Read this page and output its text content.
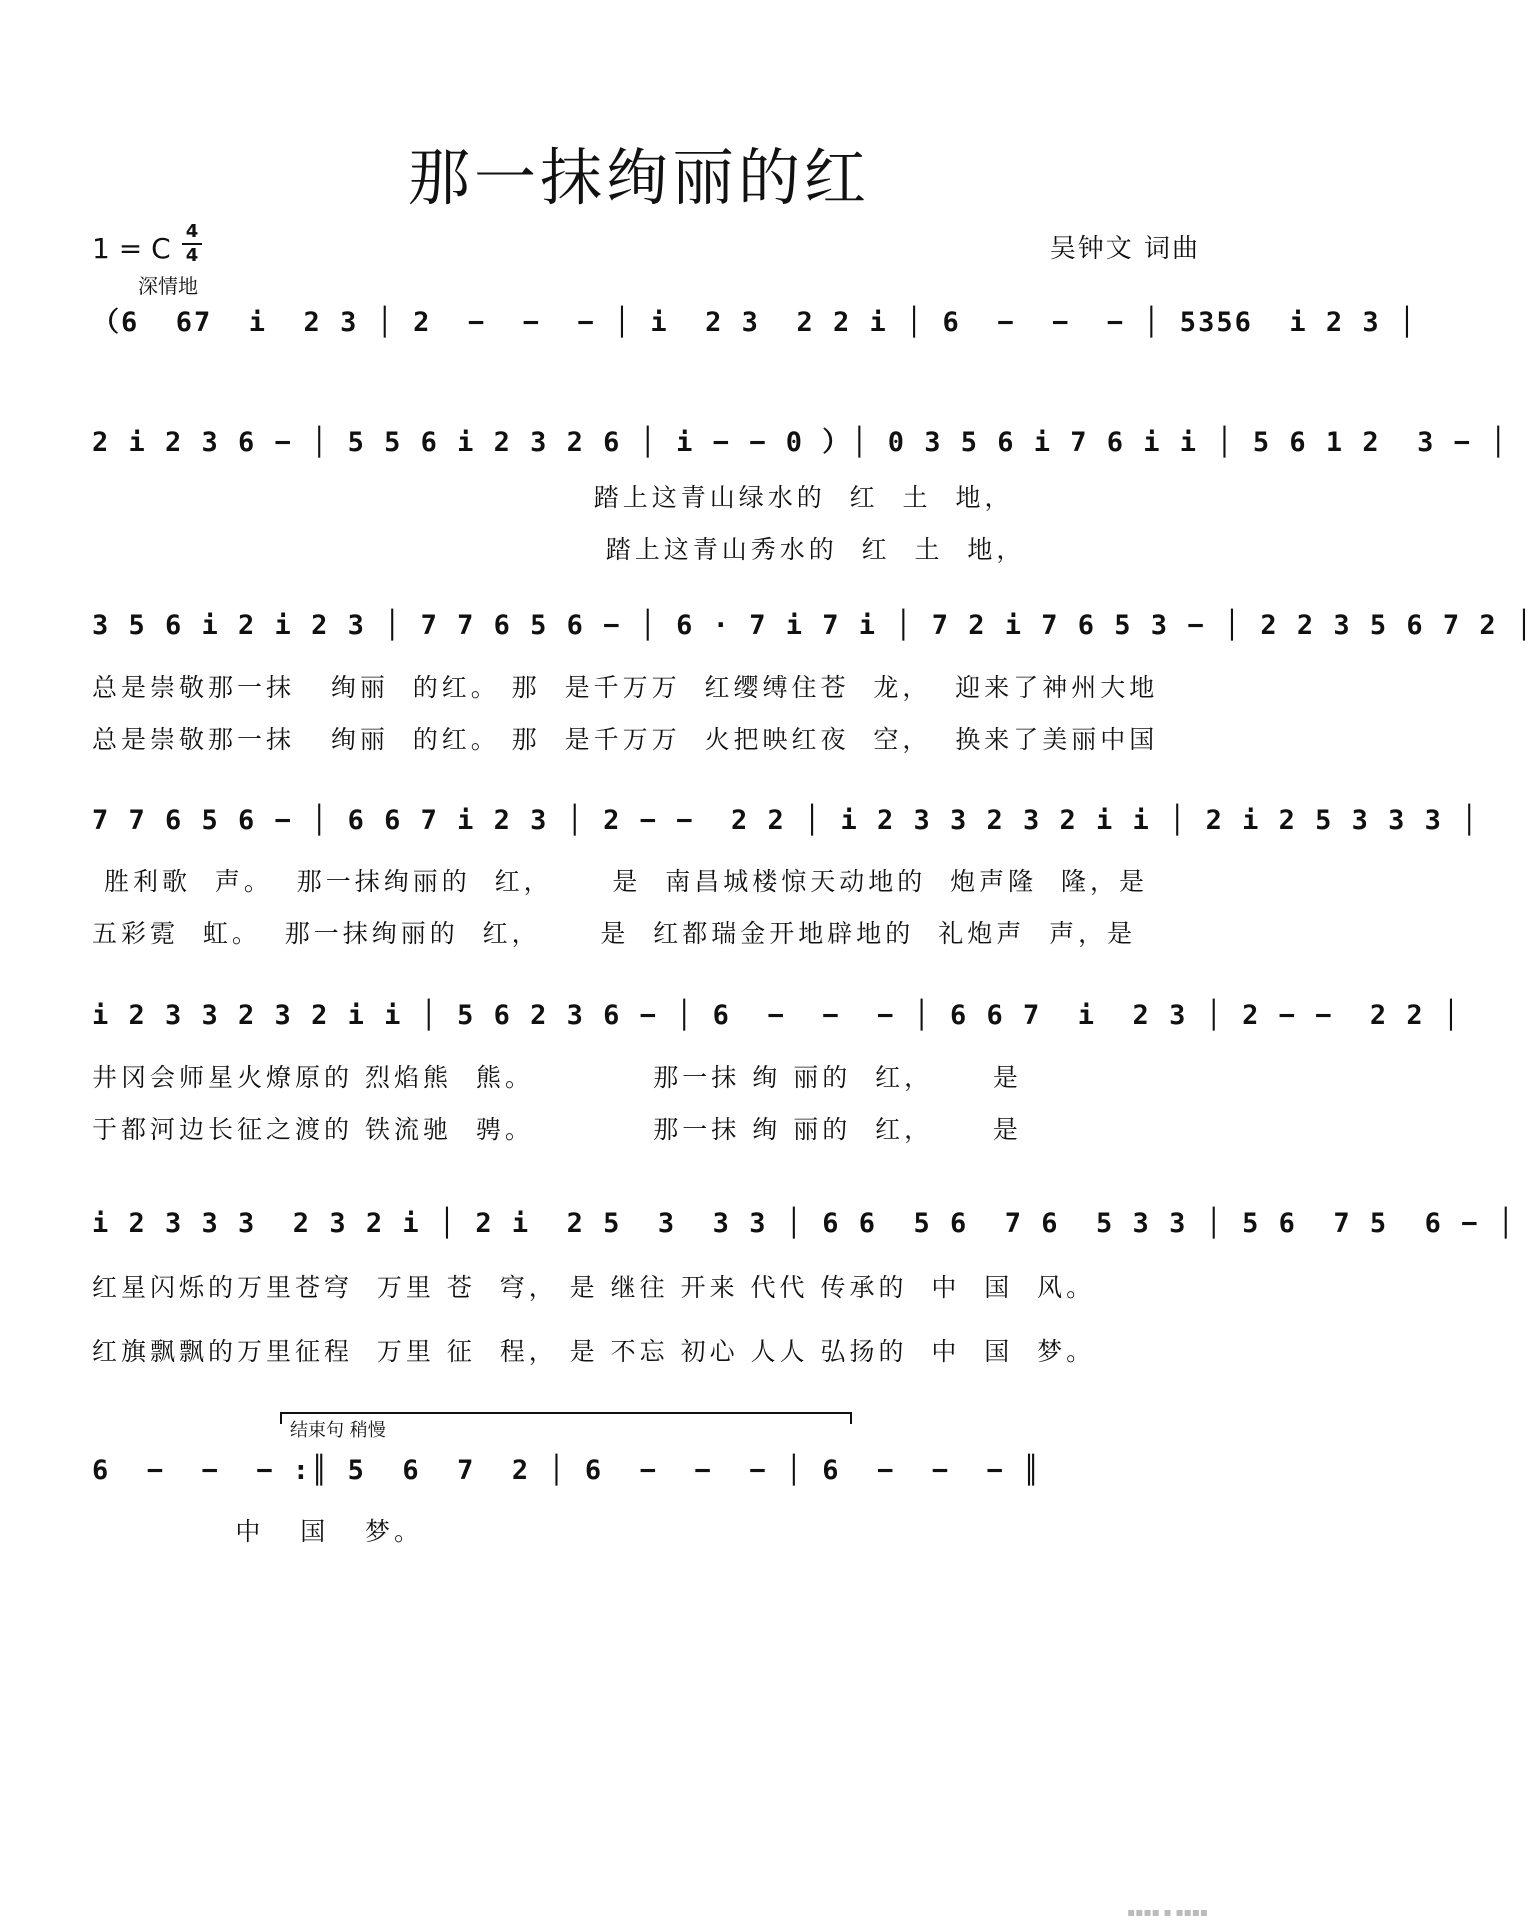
那一抹绚丽的红
1 = C
4
4
深情地
吴钟文 词曲
（6  67  i  2 3 │ 2  −  −  − │ i  2 3  2 2 i │ 6  −  −  − │ 5356  i 2 3 │
2 i 2 3 6 − │ 5 5 6 i 2 3 2 6 │ i − − 0 ）│ 0 3 5 6 i 7 6 i i │ 5 6 1 2  3 − │
踏上这青山绿水的  红  土  地，
踏上这青山秀水的  红  土  地，
3 5 6 i 2 i 2 3 │ 7 7 6 5 6 − │ 6 · 7 i 7 i │ 7 2 i 7 6 5 3 − │ 2 2 3 5 6 7 2 │
总是崇敬那一抹   绚丽  的红。 那  是千万万  红缨缚住苍  龙，  迎来了神州大地
总是崇敬那一抹   绚丽  的红。 那  是千万万  火把映红夜  空，  换来了美丽中国
7 7 6 5 6 − │ 6 6 7 i 2 3 │ 2 − −  2 2 │ i 2 3 3 2 3 2 i i │ 2 i 2 5 3 3 3 │
胜利歌  声。  那一抹绚丽的  红，     是  南昌城楼惊天动地的  炮声隆  隆，是
五彩霓  虹。  那一抹绚丽的  红，     是  红都瑞金开地辟地的  礼炮声  声，是
i 2 3 3 2 3 2 i i │ 5 6 2 3 6 − │ 6  −  −  − │ 6 6 7  i  2 3 │ 2 − −  2 2 │
井冈会师星火燎原的 烈焰熊  熊。          那一抹 绚 丽的  红，     是
于都河边长征之渡的 铁流驰  骋。          那一抹 绚 丽的  红，     是
i 2 3 3 3  2 3 2 i │ 2 i  2 5  3  3 3 │ 6 6  5 6  7 6  5 3 3 │ 5 6  7 5  6 − │
红星闪烁的万里苍穹  万里 苍  穹， 是 继往 开来 代代 传承的  中  国  风。
红旗飘飘的万里征程  万里 征  程， 是 不忘 初心 人人 弘扬的  中  国  梦。
结束句 稍慢
6  −  −  − :║ 5  6  7  2 │ 6  −  −  − │ 6  −  −  − ║
中   国   梦。
▪▪▪▪ ▪ ▪▪▪▪
